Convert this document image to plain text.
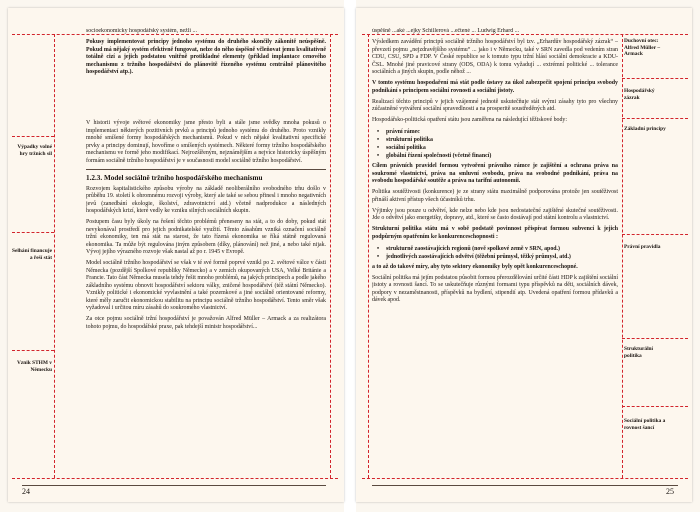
Výpadky volné hry tržních sil
Selhání financuje a řeší stát
Vznik STHM v Německu

socioekonomicky hospodářský systém, nežli ...

Pokusy implementovat principy jednoho systému do druhého skončily zákonitě neúspěšně. Pokud má nějaký systém efektivně fungovat, nelze do něho úspěšně včleňovat jemu kvalitativně totálně cizí a jejich podstatou vnitřně protikladné elementy (příklad implantace cenového mechanismu z tržního hospodářství do plánovitě řízeného systému centrálně plánovitého hospodářství atp.).

V historii vývoje světové ekonomiky jsme přesto byli a stále jsme svědky mnoha pokusů o implementaci některých pozitivních prvků a principů jednoho systému do druhého. Proto vznikly mnohé smíšené formy hospodářských mechanismů. Pokud v nich nějaké kvalitativní specifické prvky a principy dominují, hovoříme o smíšených systémech. Některé formy tržního hospodářského mechanismu ve formě jeho modifikací. Nejrozšířeným, nejznámějším a nejvíce historicky úspěšným formám sociálně tržního hospodářství je v současnosti model sociálně tržního hospodářství.

1.2.3. Model sociálně tržního hospodářského mechanismu

Rozvojem kapitalistického způsobu výroby na základě neoliberálního svobodného trhu došlo v průběhu 19. století k ohromnému rozvoji výroby, který ale také se sebou přinesl i mnoho negativních jevů (zanedbání ekologie, školství, zdravotnictví atd.) včetně nadprodukce a následných hospodářských krizí, které vedly ke vzniku silných sociálních skupin.

Postupem času byly úkoly na řešení těchto problémů přeneseny na stát, a to do doby, pokud stát nevykonával prostředí pro jejich podnikatelské využití. Těmto zásahům vzniká označení sociálně tržní ekonomiky, ten má stát na starost, že tato řízená ekonomika se říká státně regulovaná ekonomika. Ta může být regulována jiným způsobem (díky, plánování) než jiné, a nebo také nijak. Vývoj jejího výrazného rozvoje však nastal až po r. 1945 v Evropě.

Model sociálně tržního hospodářství se však v té své formě poprvé vznikl po 2. světové válce v části Německa (pozdější Spolkové republiky Německo) a v zemích okupovaných USA, Velké Británie a Francie. Tato část Německa musela tehdy řešit mnoho problémů, na jakých principech a podle jakého základního systému obnovit hospodářství sektoru války, zničené hospodářství (též státní Německo). Vznikly politické i ekonomické vyvlastnění a také pozemkové a jiné sociálně orientované reformy, které měly zaručit ekonomickou stabilitu na principu sociálně tržního hospodářství. Tento směr však vyžadoval i určitou míru zásahů do soukromého vlastnictví.

Za otce pojmu sociálně tržní hospodářství je považován Alfred Müller – Armack a za realizátora tohoto pojmu, do hospodářské praxe, pak tehdejší ministr hospodářství...

24
Duchovní otec: Alfred Müller – Armack
Hospodářský zázrak
Základní principy
Právní pravidla
Strukturální politika
Sociální politika a rovnost šancí

úspěšně ...aké ...ejky Schillerová ...ečtené ... Ludwig Erhard ...

Výsledkem zavádění principů sociálně tržního hospodářství byl tzv. „Erhardův hospodářský zázrak“ – převzetí pojmu „nejzdravějšího systému“ ... jako i v Německu, také v SRN zavedla pod vedením stran CDU, CSU, SPD a FDP. V České republice se k tomuto typu tržní hlásí sociální demokracie a KDU-ČSL. Mnohé jiné pravicové strany (ODS, ODA) k tomu vyžadují ... extrémní politické ... tolerance sociálních a jiných skupin, podle něhož ...

V tomto systému hospodaření má stát podle ústavy za úkol zabezpečit spojení principu svobody podnikání s principem sociální rovnosti a sociální jistoty.

Realizací těchto principů v jejich vzájemné jednotě uskutečňuje stát svými zásahy tyto pro všechny zúčastněné vytváření sociální spravedlnosti a na prosperitě soustředěných atd.

Hospodářsko-politická opatření státu jsou zaměřena na následující těžiskové body:

• právní rámec
• strukturní politika
• sociální politika
• globální řízení společnosti (včetně financí)

Cílem právních pravidel formou vytvoření právního rámce je zajištění a ochrana práva na soukromé vlastnictví, práva na smluvní svobodu, práva na svobodné podnikání, práva na svobodu hospodářské soutěže a práva na tarifní autonomii.

Politika soutěživosti (konkurence) je ze strany státu maximálně podporována protože jen soutěživost přináší aktivní přístup všech účastníků trhu.

Výjimky jsou pouze u odvětví, kde nelze nebo kde jsou nedostatečné zajištěné skutečné soutěživosti. Jde o odvětví jako energetiky, dopravy, atd., které se často dostávají pod státní kontrolu a vlastnictví.

Strukturní politika státu má v sobě podstatě povinnost přispívat formou subvencí k jejich podpůrným opatřením ke konkurenceschopnosti :

• strukturně zaostávajících regionů (nově spolkové země v SRN, apod.)
• jednotlivých zaostávajících odvětví (těžební průmysl, těžký průmysl, atd.)

a to až do takové míry, aby tyto sektory ekonomiky byly opět konkurenceschopné.

Sociální politika má jejím podstatou působit formou přerozdělování určité části HDP k zajištění sociální jistoty a rovnosti šancí. To se uskutečňuje různými formami typu příspěvků na děti, sociálních dávek, podpory v nezaměstnanosti, příspěvků na bydlení, stipendií atp. Uvedená opatření formou přídavků a dávek apod.

25
